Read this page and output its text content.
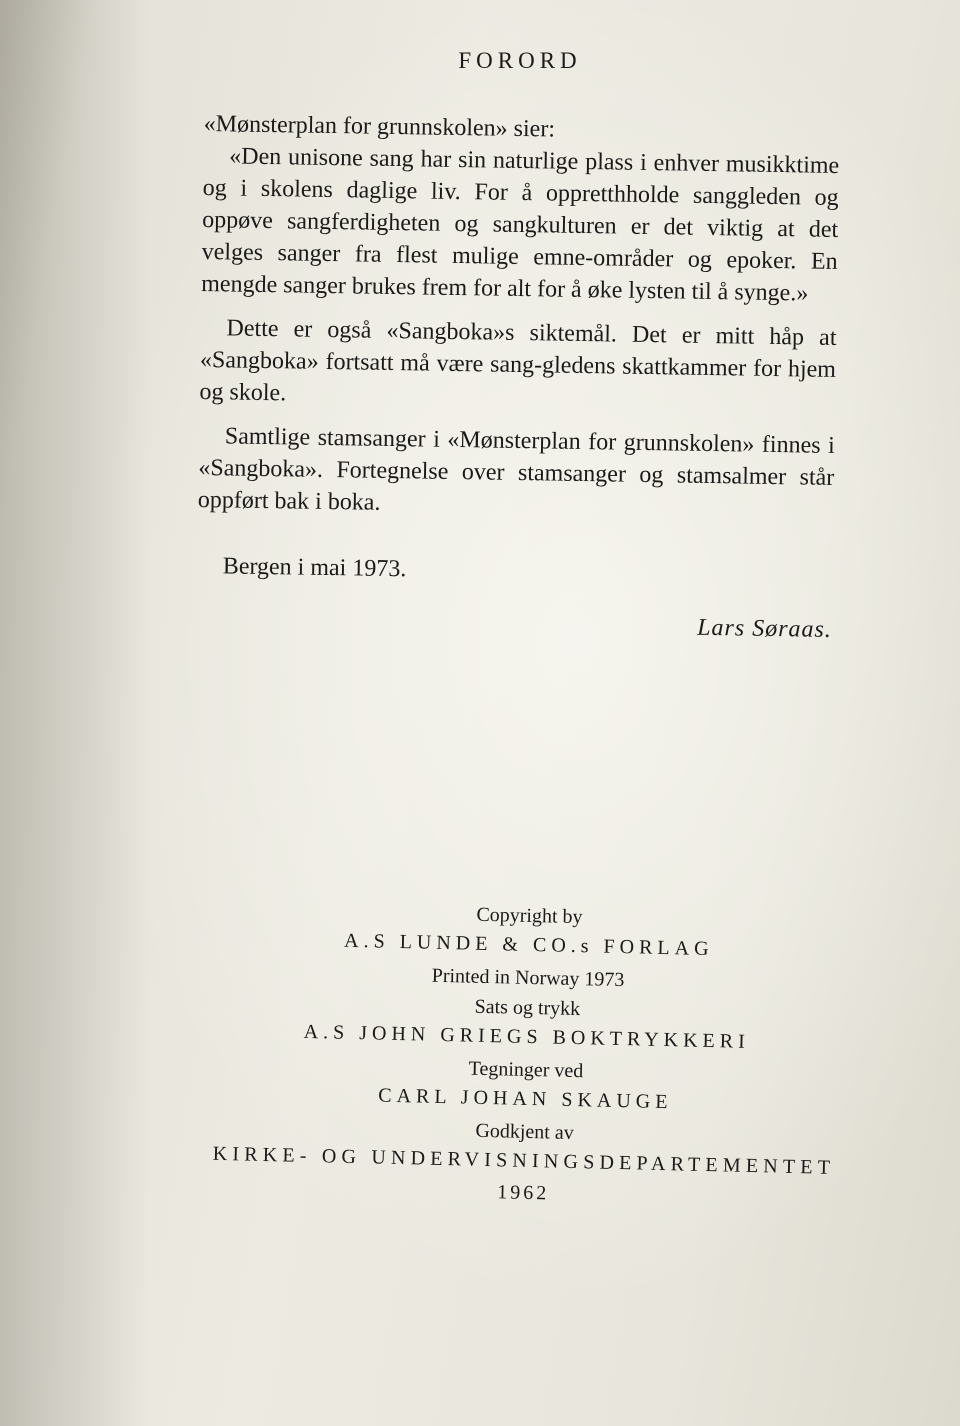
FORORD

«Mønsterplan for grunnskolen» sier:

«Den unisone sang har sin naturlige plass i enhver musikktime og i skolens daglige liv. For å oppretthholde sanggleden og oppøve sangferdigheten og sangkulturen er det viktig at det velges sanger fra flest mulige emne-områder og epoker. En mengde sanger brukes frem for alt for å øke lysten til å synge.»

Dette er også «Sangboka»s siktemål. Det er mitt håp at «Sangboka» fortsatt må være sang-gledens skattkammer for hjem og skole.

Samtlige stamsanger i «Mønsterplan for grunnskolen» finnes i «Sangboka». Fortegnelse over stamsanger og stamsalmer står oppført bak i boka.

Bergen i mai 1973.

Lars Søraas.

Copyright by
A.S LUNDE & CO.s FORLAG
Printed in Norway 1973
Sats og trykk
A.S JOHN GRIEGS BOKTRYKKERI
Tegninger ved
CARL JOHAN SKAUGE
Godkjent av
KIRKE- OG UNDERVISNINGSDEPARTEMENTET
1962
